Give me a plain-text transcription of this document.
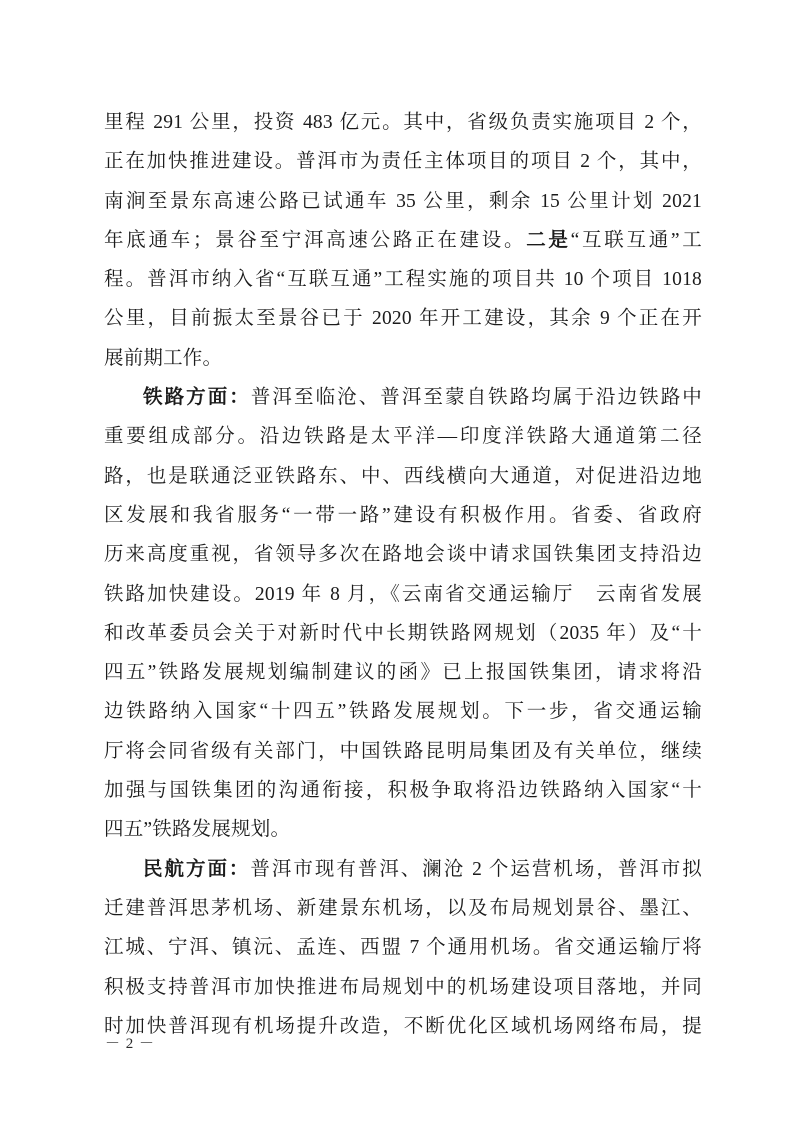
里程 291 公里，投资 483 亿元。其中，省级负责实施项目 2 个，
正在加快推进建设。普洱市为责任主体项目的项目 2 个，其中，
南涧至景东高速公路已试通车 35 公里，剩余 15 公里计划 2021
年底通车；景谷至宁洱高速公路正在建设。二是“互联互通”工
程。普洱市纳入省“互联互通”工程实施的项目共 10 个项目 1018
公里，目前振太至景谷已于 2020 年开工建设，其余 9 个正在开
展前期工作。
铁路方面：普洱至临沧、普洱至蒙自铁路均属于沿边铁路中
重要组成部分。沿边铁路是太平洋—印度洋铁路大通道第二径
路，也是联通泛亚铁路东、中、西线横向大通道，对促进沿边地
区发展和我省服务“一带一路”建设有积极作用。省委、省政府
历来高度重视，省领导多次在路地会谈中请求国铁集团支持沿边
铁路加快建设。2019 年 8 月，《云南省交通运输厅　云南省发展
和改革委员会关于对新时代中长期铁路网规划（2035 年）及“十
四五”铁路发展规划编制建议的函》已上报国铁集团，请求将沿
边铁路纳入国家“十四五”铁路发展规划。下一步，省交通运输
厅将会同省级有关部门，中国铁路昆明局集团及有关单位，继续
加强与国铁集团的沟通衔接，积极争取将沿边铁路纳入国家“十
四五”铁路发展规划。
民航方面：普洱市现有普洱、澜沧 2 个运营机场，普洱市拟
迁建普洱思茅机场、新建景东机场，以及布局规划景谷、墨江、
江城、宁洱、镇沅、孟连、西盟 7 个通用机场。省交通运输厅将
积极支持普洱市加快推进布局规划中的机场建设项目落地，并同
时加快普洱现有机场提升改造，不断优化区域机场网络布局，提
－ 2 －
